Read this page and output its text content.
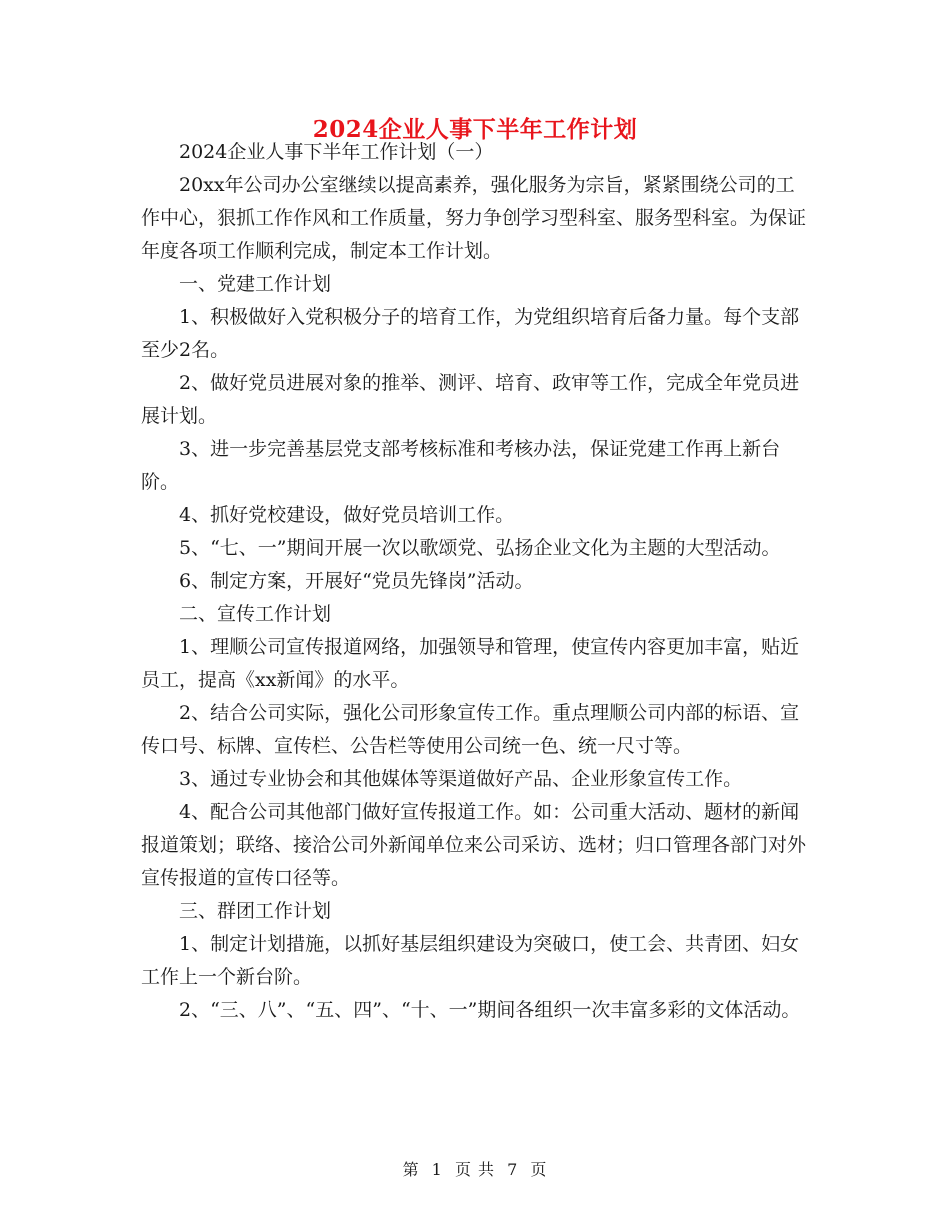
2024企业人事下半年工作计划

2024企业人事下半年工作计划（一）

20xx年公司办公室继续以提高素养，强化服务为宗旨，紧紧围绕公司的工作中心，狠抓工作作风和工作质量，努力争创学习型科室、服务型科室。为保证年度各项工作顺利完成，制定本工作计划。

一、党建工作计划

1、积极做好入党积极分子的培育工作，为党组织培育后备力量。每个支部至少2名。

2、做好党员进展对象的推举、测评、培育、政审等工作，完成全年党员进展计划。

3、进一步完善基层党支部考核标准和考核办法，保证党建工作再上新台阶。

4、抓好党校建设，做好党员培训工作。

5、“七、一”期间开展一次以歌颂党、弘扬企业文化为主题的大型活动。

6、制定方案，开展好“党员先锋岗”活动。

二、宣传工作计划

1、理顺公司宣传报道网络，加强领导和管理，使宣传内容更加丰富，贴近员工，提高《xx新闻》的水平。

2、结合公司实际，强化公司形象宣传工作。重点理顺公司内部的标语、宣传口号、标牌、宣传栏、公告栏等使用公司统一色、统一尺寸等。

3、通过专业协会和其他媒体等渠道做好产品、企业形象宣传工作。

4、配合公司其他部门做好宣传报道工作。如：公司重大活动、题材的新闻报道策划；联络、接洽公司外新闻单位来公司采访、选材；归口管理各部门对外宣传报道的宣传口径等。

三、群团工作计划

1、制定计划措施，以抓好基层组织建设为突破口，使工会、共青团、妇女工作上一个新台阶。

2、“三、八”、“五、四”、“十、一”期间各组织一次丰富多彩的文体活动。

第 1 页 共 7 页
